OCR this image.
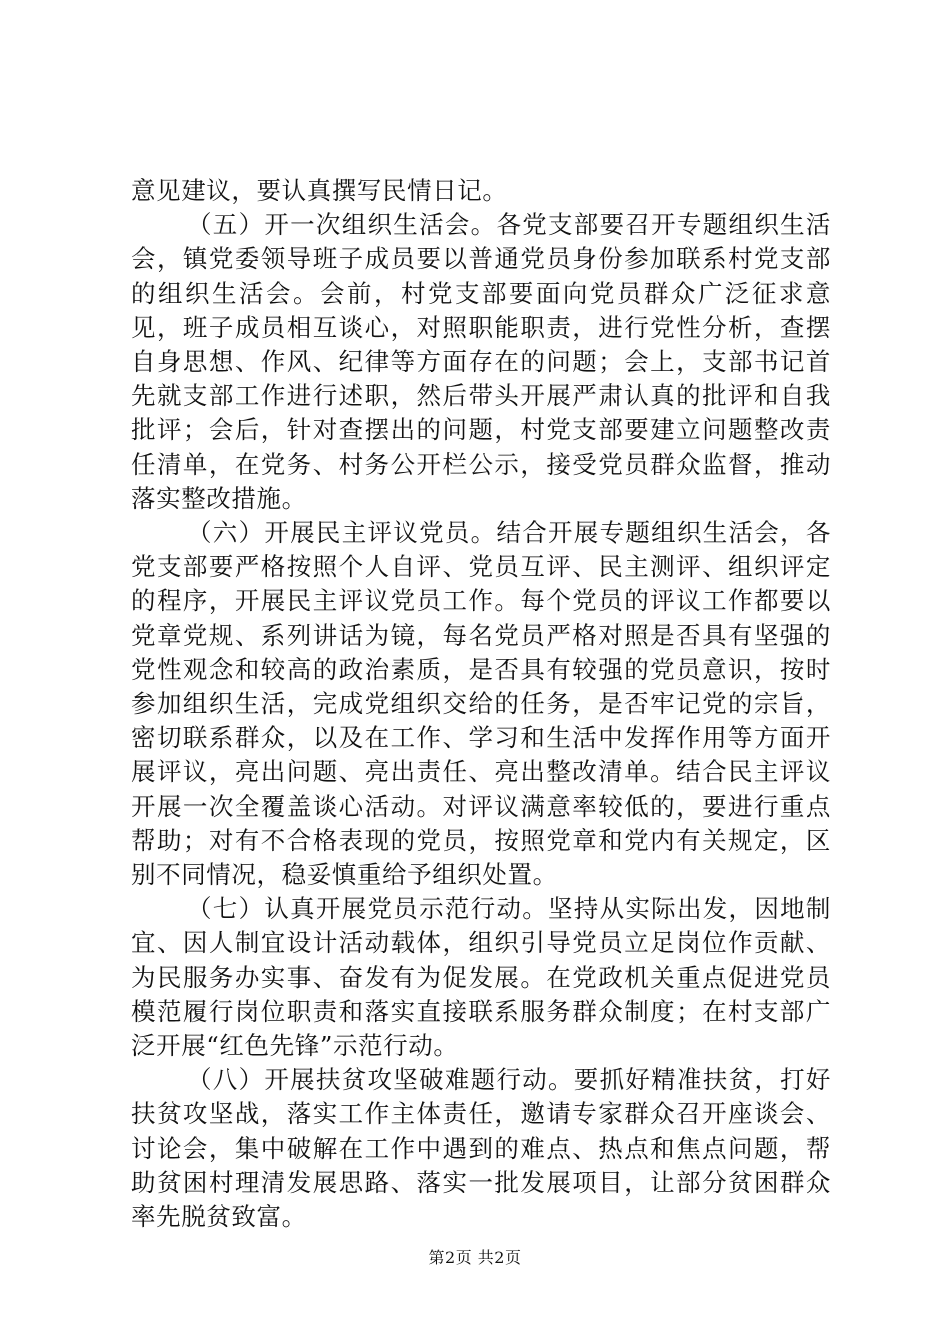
意见建议，要认真撰写民情日记。

（五）开一次组织生活会。各党支部要召开专题组织生活会，镇党委领导班子成员要以普通党员身份参加联系村党支部的组织生活会。会前，村党支部要面向党员群众广泛征求意见，班子成员相互谈心，对照职能职责，进行党性分析，查摆自身思想、作风、纪律等方面存在的问题；会上，支部书记首先就支部工作进行述职，然后带头开展严肃认真的批评和自我批评；会后，针对查摆出的问题，村党支部要建立问题整改责任清单，在党务、村务公开栏公示，接受党员群众监督，推动落实整改措施。

（六）开展民主评议党员。结合开展专题组织生活会，各党支部要严格按照个人自评、党员互评、民主测评、组织评定的程序，开展民主评议党员工作。每个党员的评议工作都要以党章党规、系列讲话为镜，每名党员严格对照是否具有坚强的党性观念和较高的政治素质，是否具有较强的党员意识，按时参加组织生活，完成党组织交给的任务，是否牢记党的宗旨，密切联系群众，以及在工作、学习和生活中发挥作用等方面开展评议，亮出问题、亮出责任、亮出整改清单。结合民主评议开展一次全覆盖谈心活动。对评议满意率较低的，要进行重点帮助；对有不合格表现的党员，按照党章和党内有关规定，区别不同情况，稳妥慎重给予组织处置。

（七）认真开展党员示范行动。坚持从实际出发，因地制宜、因人制宜设计活动载体，组织引导党员立足岗位作贡献、为民服务办实事、奋发有为促发展。在党政机关重点促进党员模范履行岗位职责和落实直接联系服务群众制度；在村支部广泛开展“红色先锋”示范行动。

（八）开展扶贫攻坚破难题行动。要抓好精准扶贫，打好扶贫攻坚战，落实工作主体责任，邀请专家群众召开座谈会、讨论会，集中破解在工作中遇到的难点、热点和焦点问题，帮助贫困村理清发展思路、落实一批发展项目，让部分贫困群众率先脱贫致富。

第2页 共2页
